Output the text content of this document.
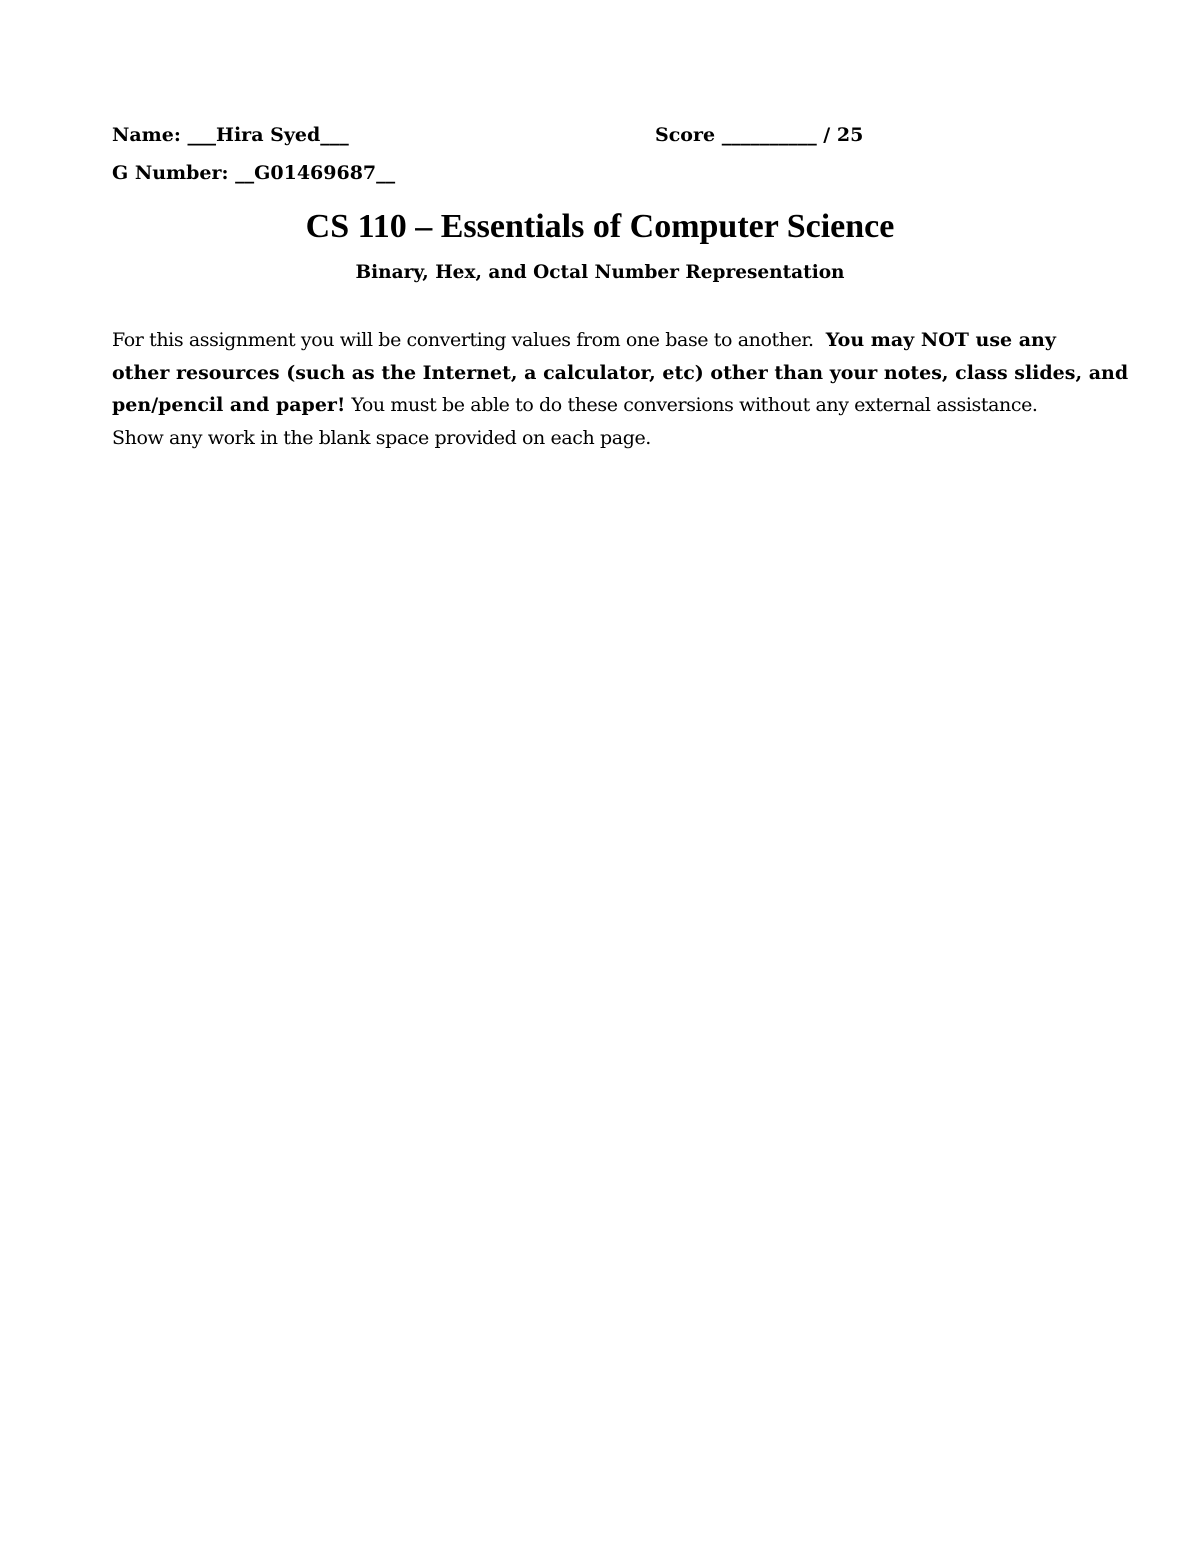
Name: ___Hira Syed___	Score __________ / 25
G Number: __G01469687__
CS 110 – Essentials of Computer Science
Binary, Hex, and Octal Number Representation
For this assignment you will be converting values from one base to another. You may NOT use any
other resources (such as the Internet, a calculator, etc) other than your notes, class slides, and
pen/pencil and paper! You must be able to do these conversions without any external assistance.
Show any work in the blank space provided on each page.
